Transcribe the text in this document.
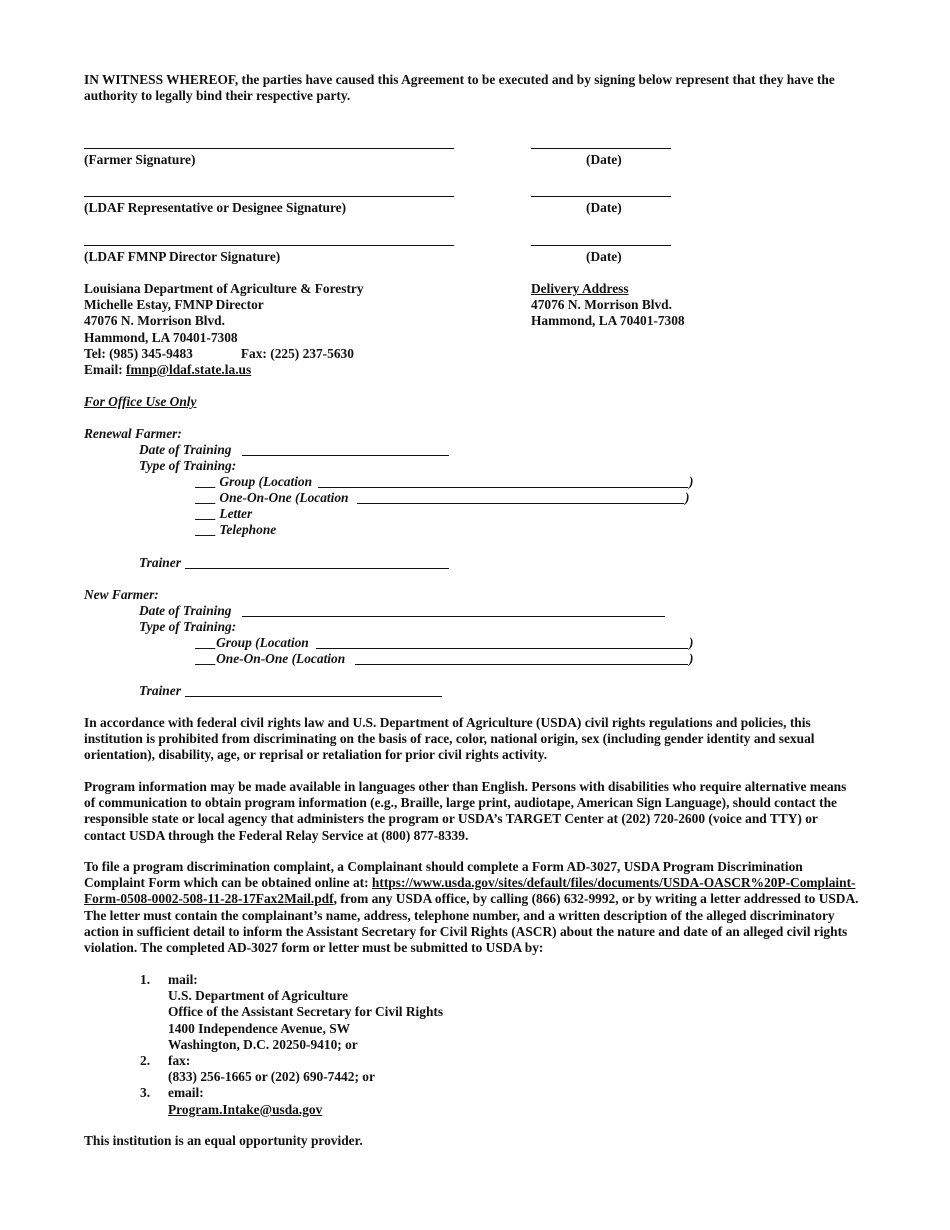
IN WITNESS WHEREOF, the parties have caused this Agreement to be executed and by signing below represent that they have the authority to legally bind their respective party.
(Farmer Signature)	(Date)
(LDAF Representative or Designee Signature)	(Date)
(LDAF FMNP Director Signature)	(Date)
Louisiana Department of Agriculture & Forestry
Michelle Estay, FMNP Director
47076 N. Morrison Blvd.
Hammond, LA 70401-7308
Tel: (985) 345-9483	Fax: (225) 237-5630
Email: fmnp@ldaf.state.la.us
Delivery Address
47076 N. Morrison Blvd.
Hammond, LA 70401-7308
For Office Use Only
Renewal Farmer:
Date of Training
Type of Training:
___ Group (Location	)
___ One-On-One (Location	)
___ Letter
___ Telephone
Trainer
New Farmer:
Date of Training
Type of Training:
___Group (Location	)
___One-On-One (Location	)
Trainer
In accordance with federal civil rights law and U.S. Department of Agriculture (USDA) civil rights regulations and policies, this institution is prohibited from discriminating on the basis of race, color, national origin, sex (including gender identity and sexual orientation), disability, age, or reprisal or retaliation for prior civil rights activity.
Program information may be made available in languages other than English. Persons with disabilities who require alternative means of communication to obtain program information (e.g., Braille, large print, audiotape, American Sign Language), should contact the responsible state or local agency that administers the program or USDA’s TARGET Center at (202) 720-2600 (voice and TTY) or contact USDA through the Federal Relay Service at (800) 877-8339.
To file a program discrimination complaint, a Complainant should complete a Form AD-3027, USDA Program Discrimination Complaint Form which can be obtained online at: https://www.usda.gov/sites/default/files/documents/USDA-OASCR%20P-Complaint-Form-0508-0002-508-11-28-17Fax2Mail.pdf, from any USDA office, by calling (866) 632-9992, or by writing a letter addressed to USDA. The letter must contain the complainant’s name, address, telephone number, and a written description of the alleged discriminatory action in sufficient detail to inform the Assistant Secretary for Civil Rights (ASCR) about the nature and date of an alleged civil rights violation. The completed AD-3027 form or letter must be submitted to USDA by:
1. mail:
U.S. Department of Agriculture
Office of the Assistant Secretary for Civil Rights
1400 Independence Avenue, SW
Washington, D.C. 20250-9410; or
2. fax:
(833) 256-1665 or (202) 690-7442; or
3. email:
Program.Intake@usda.gov
This institution is an equal opportunity provider.
